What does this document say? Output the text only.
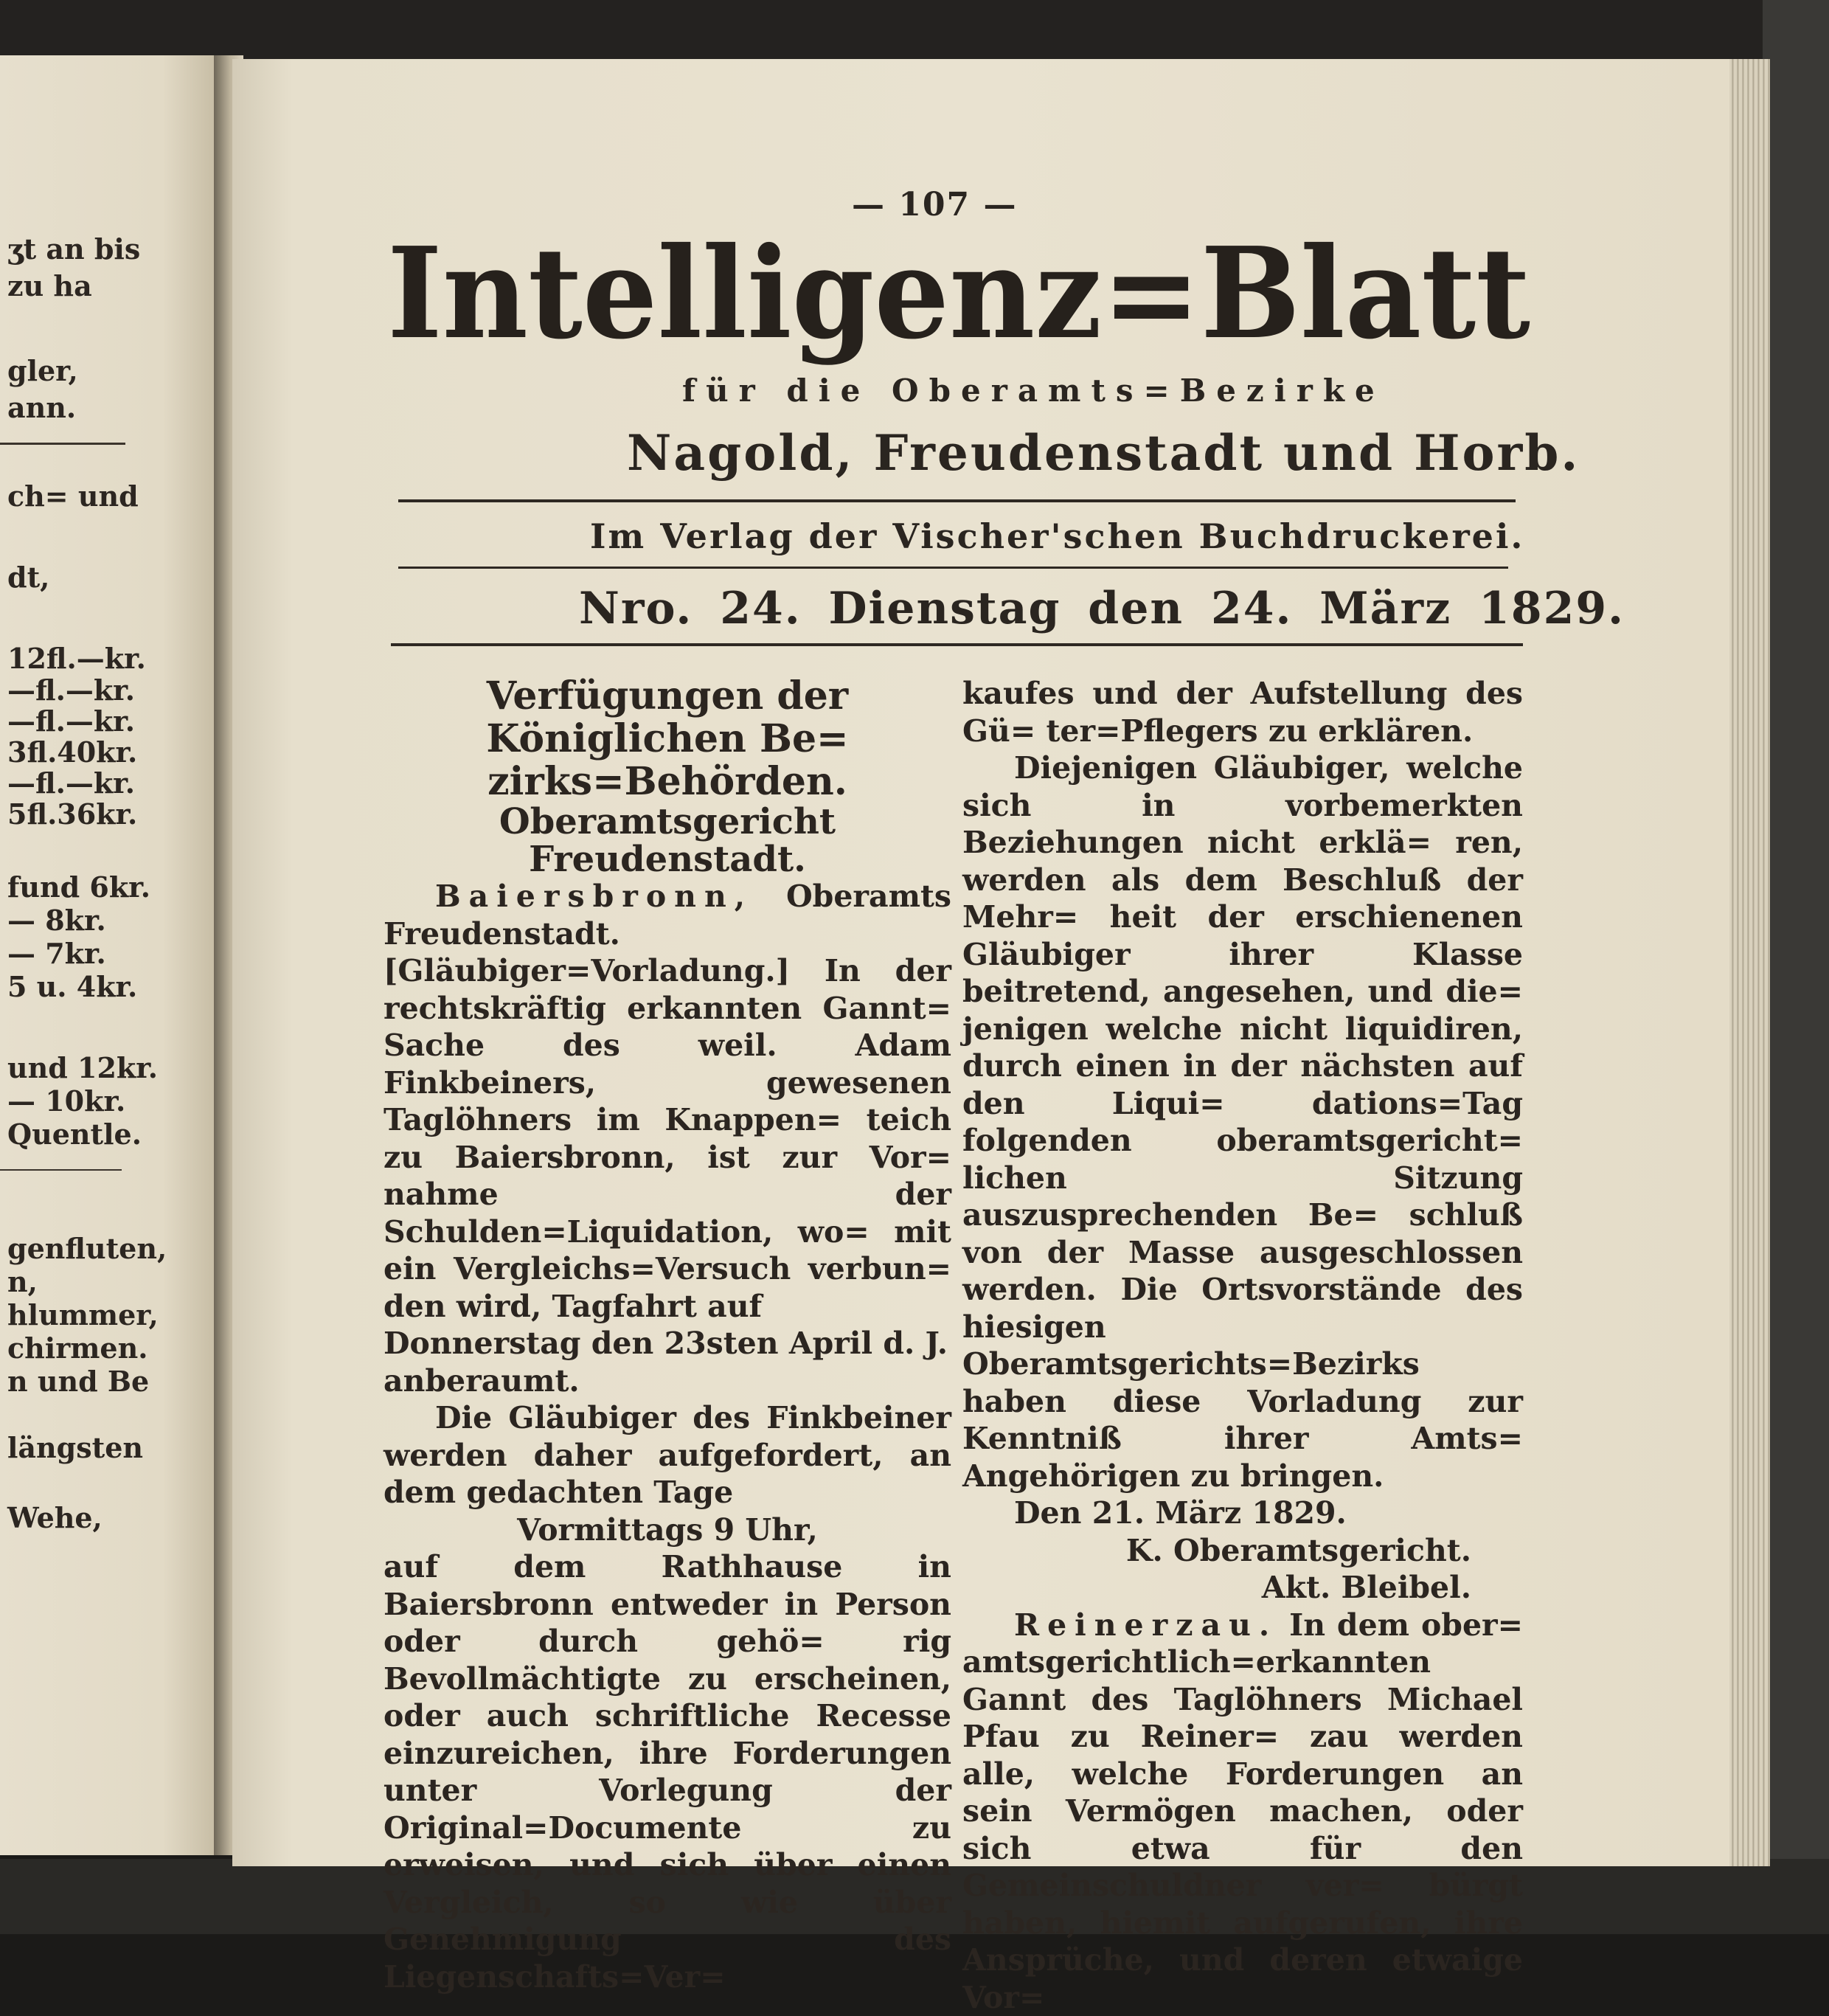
ʒt an bis
zu ha
gler,
ann.
ch= und
dt,
12fl.—kr.
—fl.—kr.
—fl.—kr.
3fl.40kr.
—fl.—kr.
5fl.36kr.
fund 6kr.
— 8kr.
— 7kr.
5 u. 4kr.
und 12kr.
— 10kr.
Quentle.
genfluten,
n,
hlummer,
chirmen.
n und Be
längsten
Wehe,
— 107 —
Intelligenz=Blatt
für die Oberamts=Bezirke
Nagold, Freudenstadt und Horb.
Im Verlag der Vischer'schen Buchdruckerei.
Nro. 24. Dienstag den 24. März 1829.

Verfügungen der Königlichen Be= zirks=Behörden.

Oberamtsgericht Freudenstadt.

Baiersbronn, Oberamts Freudenstadt. [Gläubiger=Vorladung.] In der rechtskräftig erkannten Gannt= Sache des weil. Adam Finkbeiners, gewesenen Taglöhners im Knappen= teich zu Baiersbronn, ist zur Vor= nahme der Schulden=Liquidation, wo= mit ein Vergleichs=Versuch verbun= den wird, Tagfahrt auf

Donnerstag den 23sten April d. J.

anberaumt.

Die Gläubiger des Finkbeiner werden daher aufgefordert, an dem gedachten Tage

Vormittags 9 Uhr,

auf dem Rathhause in Baiersbronn entweder in Person oder durch gehö= rig Bevollmächtigte zu erscheinen, oder auch schriftliche Recesse einzureichen, ihre Forderungen unter Vorlegung der Original=Documente zu erweisen, und sich über einen Vergleich, so wie über Genehmigung des Liegenschafts=Ver=

kaufes und der Aufstellung des Gü= ter=Pflegers zu erklären.

Diejenigen Gläubiger, welche sich in vorbemerkten Beziehungen nicht erklä= ren, werden als dem Beschluß der Mehr= heit der erschienenen Gläubiger ihrer Klasse beitretend, angesehen, und die= jenigen welche nicht liquidiren, durch einen in der nächsten auf den Liqui= dations=Tag folgenden oberamtsgericht= lichen Sitzung auszusprechenden Be= schluß von der Masse ausgeschlossen werden. Die Ortsvorstände des hiesigen Oberamtsgerichts=Bezirks haben diese Vorladung zur Kenntniß ihrer Amts= Angehörigen zu bringen.

Den 21. März 1829.

K. Oberamtsgericht.

Akt. Bleibel.

Reinerzau. In dem ober= amtsgerichtlich=erkannten Gannt des Taglöhners Michael Pfau zu Reiner= zau werden alle, welche Forderungen an sein Vermögen machen, oder sich etwa für den Gemeinschuldner ver= bürgt haben, hiemit aufgerufen, ihre Ansprüche, und deren etwaige Vor=
